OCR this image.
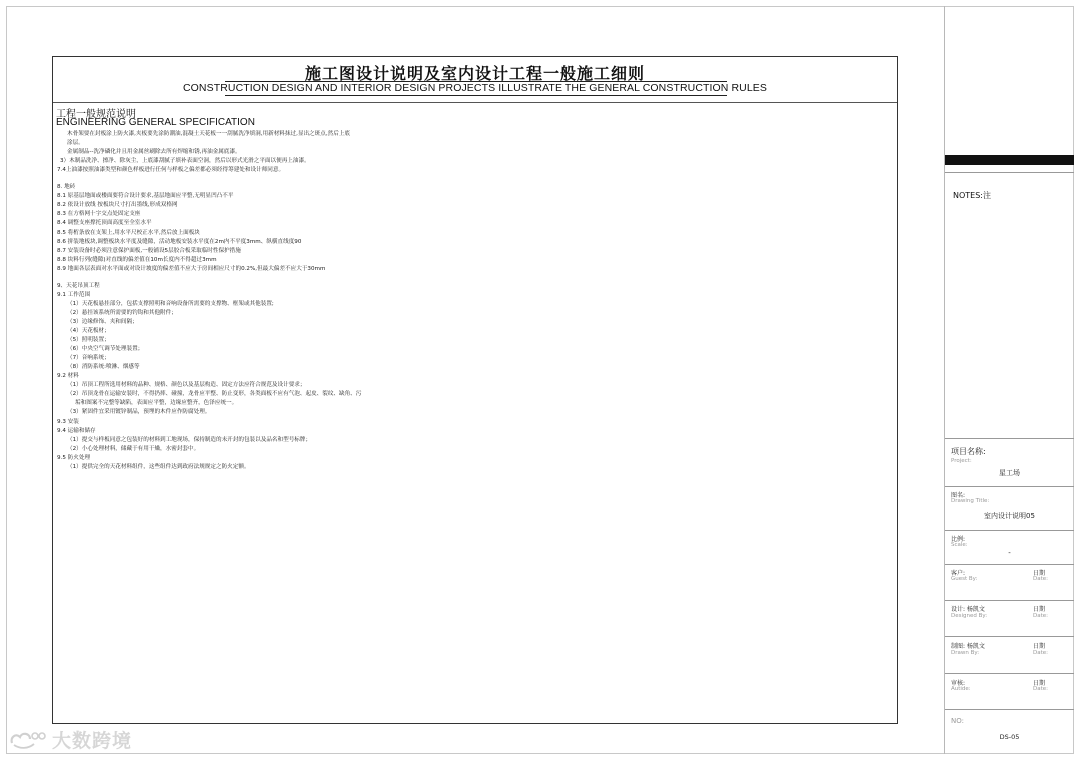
施工图设计说明及室内设计工程一般施工细则
CONSTRUCTION DESIGN AND INTERIOR DESIGN PROJECTS ILLUSTRATE THE GENERAL CONSTRUCTION RULES
工程一般规范说明
ENGINEERING GENERAL SPECIFICATION
木骨架要在封板涂上防火漆,夹板要先涂防潮油,混凝土天花板一一刮腻洗净填洞,用新材料抹过,显出之斑点,然后上底
涂层。
金属制品--洗净磷化并且用金属丝刷除去所有焊缩和锈,再油金属底漆。
3）木制品洗净、擦净、除灰尘，上底漆刮腻子填补表面空洞，然后以形式光滑之平面以便再上油漆。
7.4上油漆按照油漆类型和颜色样板进行任何与样板之偏差都必须经得筹建处和设计师同意。
8. 地砖
8.1 原基层地面或楼面要符合设计要求,基层地面应平整,无明显凹凸不平
8.2 依设计放线 按板块尺寸打出墨线,形成双格网
8.3 在方格网十字交点处固定支座
8.4 调整支座撑托顶面高度至全室水平
8.5 将桁条放在支架上,用水平尺校正水平,然后放上面板块
8.6 拼装地板块,调整板块水平度及缝隙，活动地板安装水平度在2m内不平度3mm、纵横直线度90
8.7 安装设备时必须注意保护面板,一般铺设5层胶合板采取临时性保护措施
8.8 块料行列(缝隙)对直线的偏差值在10m长度内不得超过3mm
8.9 地面各层表面对水平面或对设计坡度的偏差值不应大于房间相应尺寸的0.2%,但最大偏差不应大于30mm
9、天花吊顶工程
9.1 工作范围
（1）天花板悬挂部分，包括支撑照明和音响设备所需要的支撑物、框架或其他装置;
（2）悬挂该系统所需要的钓钩和其他附件；
（3）边缘修饰、夹和间隔；
（4）天花板材；
（5）照明装置；
（6）中央空气调节处理装置；
（7）音响系统；
（8）消防系统:喷淋、烟感等
9.2 材料
（1）吊顶工程所选用材料的品种、规格、颜色以及基层构造、固定方法应符合规范及设计要求；
（2）吊顶龙骨在运输安装时，不得扔摔、碰撞，龙骨应平整、防止变形，各类面板不应有气泡、起皮、裂纹、缺角、污
垢和图案不完整等缺陷，表面应平整，边缘应整齐，色泽应统一。
（3）紧固件宜采用镀锌制品，预埋的木件应作防腐处理。
9.3 安装
9.4 运输和储存
（1）提交与样板同意之包装好的材料到工地现场，保持制造的未开封的包装以及品名和型号标牌；
（2）小心处理材料，储藏于有用干燥，水密封套中。
9.5 防火处理
（1）提供完全的天花材料组件，这些组件达到政府法规规定之防火定额。
NOTES:注
项目名称:
Project:
星工场
图名:
Drawing Title:
室内设计说明05
比例:
Scale:
-
客户:
Guest By:
日期
Date:
设计: 杨凯文
Designed By:
日期
Date:
制图: 杨凯文
Drawn By:
日期
Date:
审核:
Autide:
日期
Date:
NO:
DS-05
大数跨境
